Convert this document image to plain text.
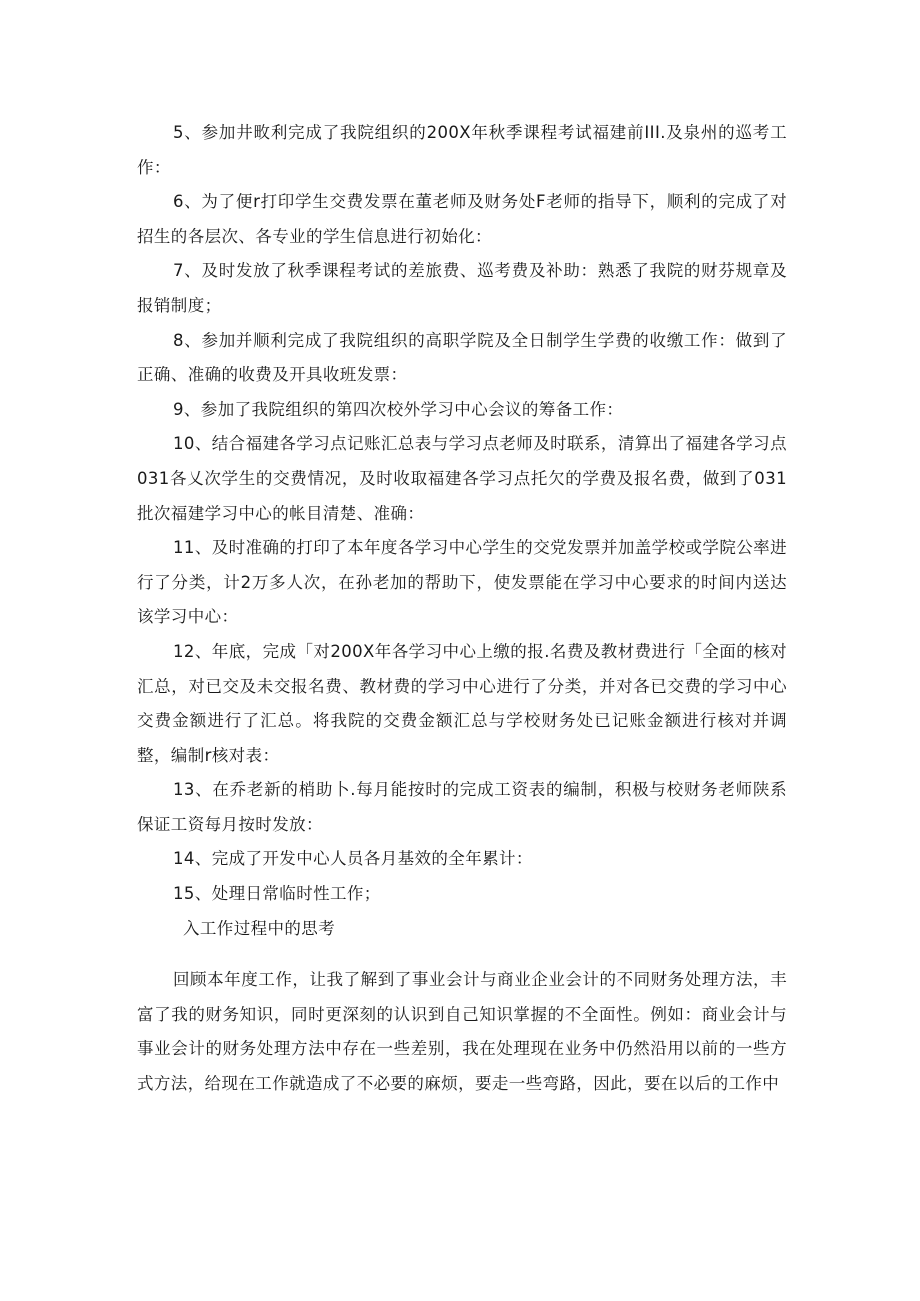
5、参加井畋利完成了我院组织的200X年秋季课程考试福建前III.及泉州的巡考工作：

6、为了便r打印学生交费发票在董老师及财务处F老师的指导下，顺利的完成了对招生的各层次、各专业的学生信息进行初始化：

7、及时发放了秋季课程考试的差旅费、巡考费及补助：熟悉了我院的财芬规章及报销制度；

8、参加并顺利完成了我院组织的高职学院及全日制学生学费的收缴工作：做到了正确、准确的收费及开具收班发票：

9、参加了我院组织的第四次校外学习中心会议的筹备工作：

10、结合福建各学习点记账汇总表与学习点老师及时联系，清算出了福建各学习点031各乂次学生的交费情况，及时收取福建各学习点托欠的学费及报名费，做到了031批次福建学习中心的帐目清楚、准确：

11、及时准确的打印了本年度各学习中心学生的交党发票并加盖学校或学院公率进行了分类，计2万多人次，在孙老加的帮助下，使发票能在学习中心要求的时间内送达该学习中心：

12、年底，完成「对200X年各学习中心上缴的报.名费及教材费进行「全面的核对汇总，对已交及未交报名费、教材费的学习中心进行了分类，并对各已交费的学习中心交费金额进行了汇总。将我院的交费金额汇总与学校财务处已记账金额进行核对并调整，编制r核对表：

13、在乔老新的梢助卜.每月能按时的完成工资表的编制，积极与校财务老师陕系保证工资每月按时发放：

14、完成了开发中心人员各月基效的全年累计：

15、处理日常临时性工作；

入工作过程中的思考

回顾本年度工作，让我了解到了事业会计与商业企业会计的不同财务处理方法，丰富了我的财务知识，同时更深刻的认识到自己知识掌握的不全面性。例如：商业会计与事业会计的财务处理方法中存在一些差别，我在处理现在业务中仍然沿用以前的一些方式方法，给现在工作就造成了不必要的麻烦，要走一些弯路，因此，要在以后的工作中
